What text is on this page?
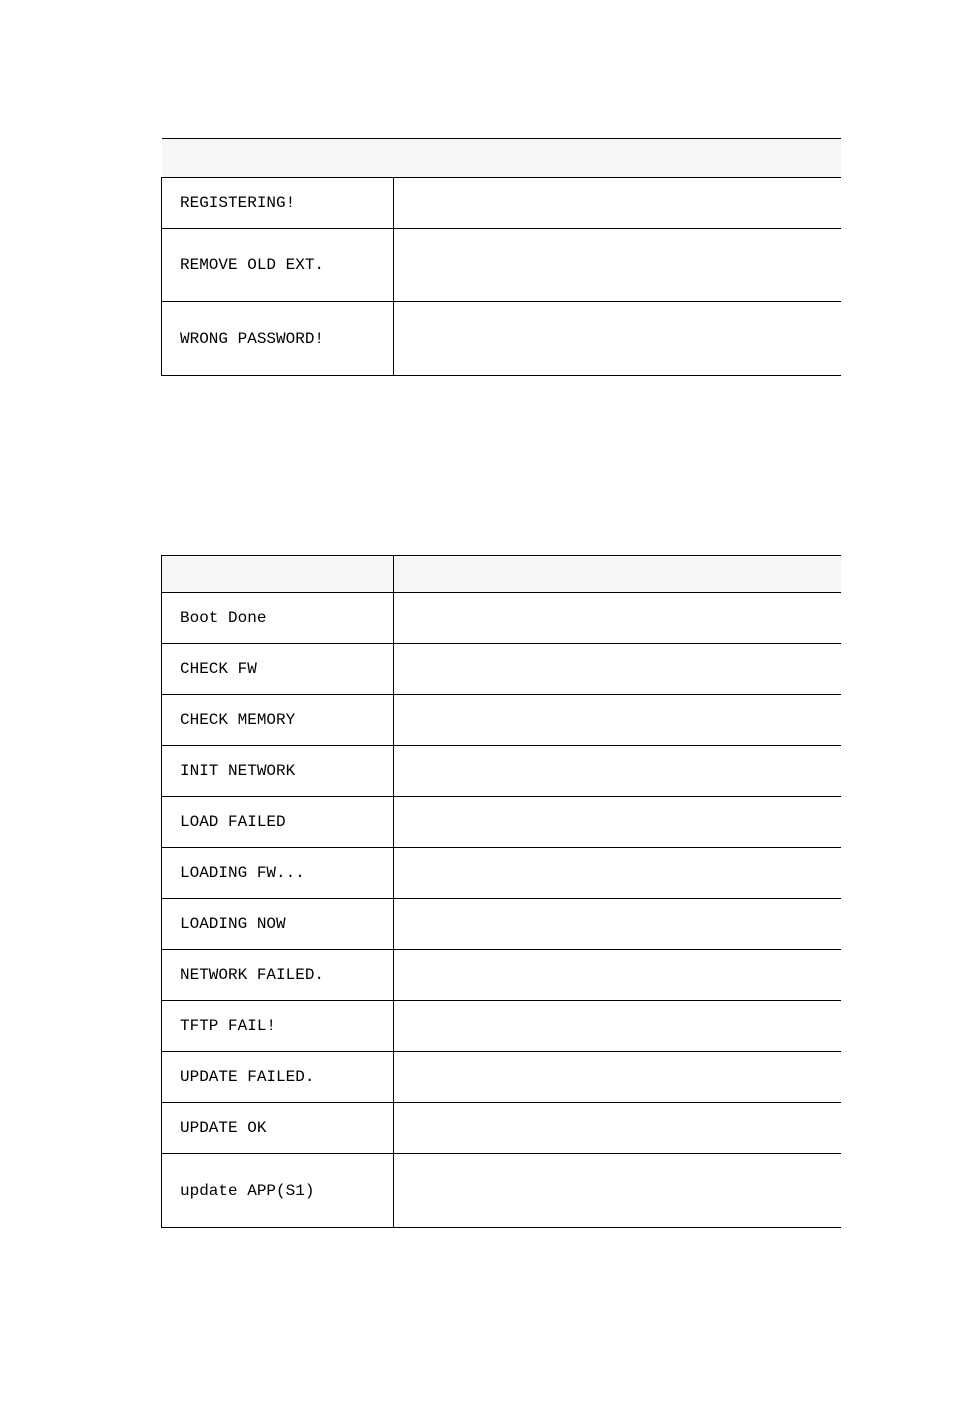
REGISTERING!	
REMOVE OLD EXT.	
WRONG PASSWORD!	

Boot Done	
CHECK FW	
CHECK MEMORY	
INIT NETWORK	
LOAD FAILED	
LOADING FW...	
LOADING NOW	
NETWORK FAILED.	
TFTP FAIL!	
UPDATE FAILED.	
UPDATE OK	
update APP(S1)	
